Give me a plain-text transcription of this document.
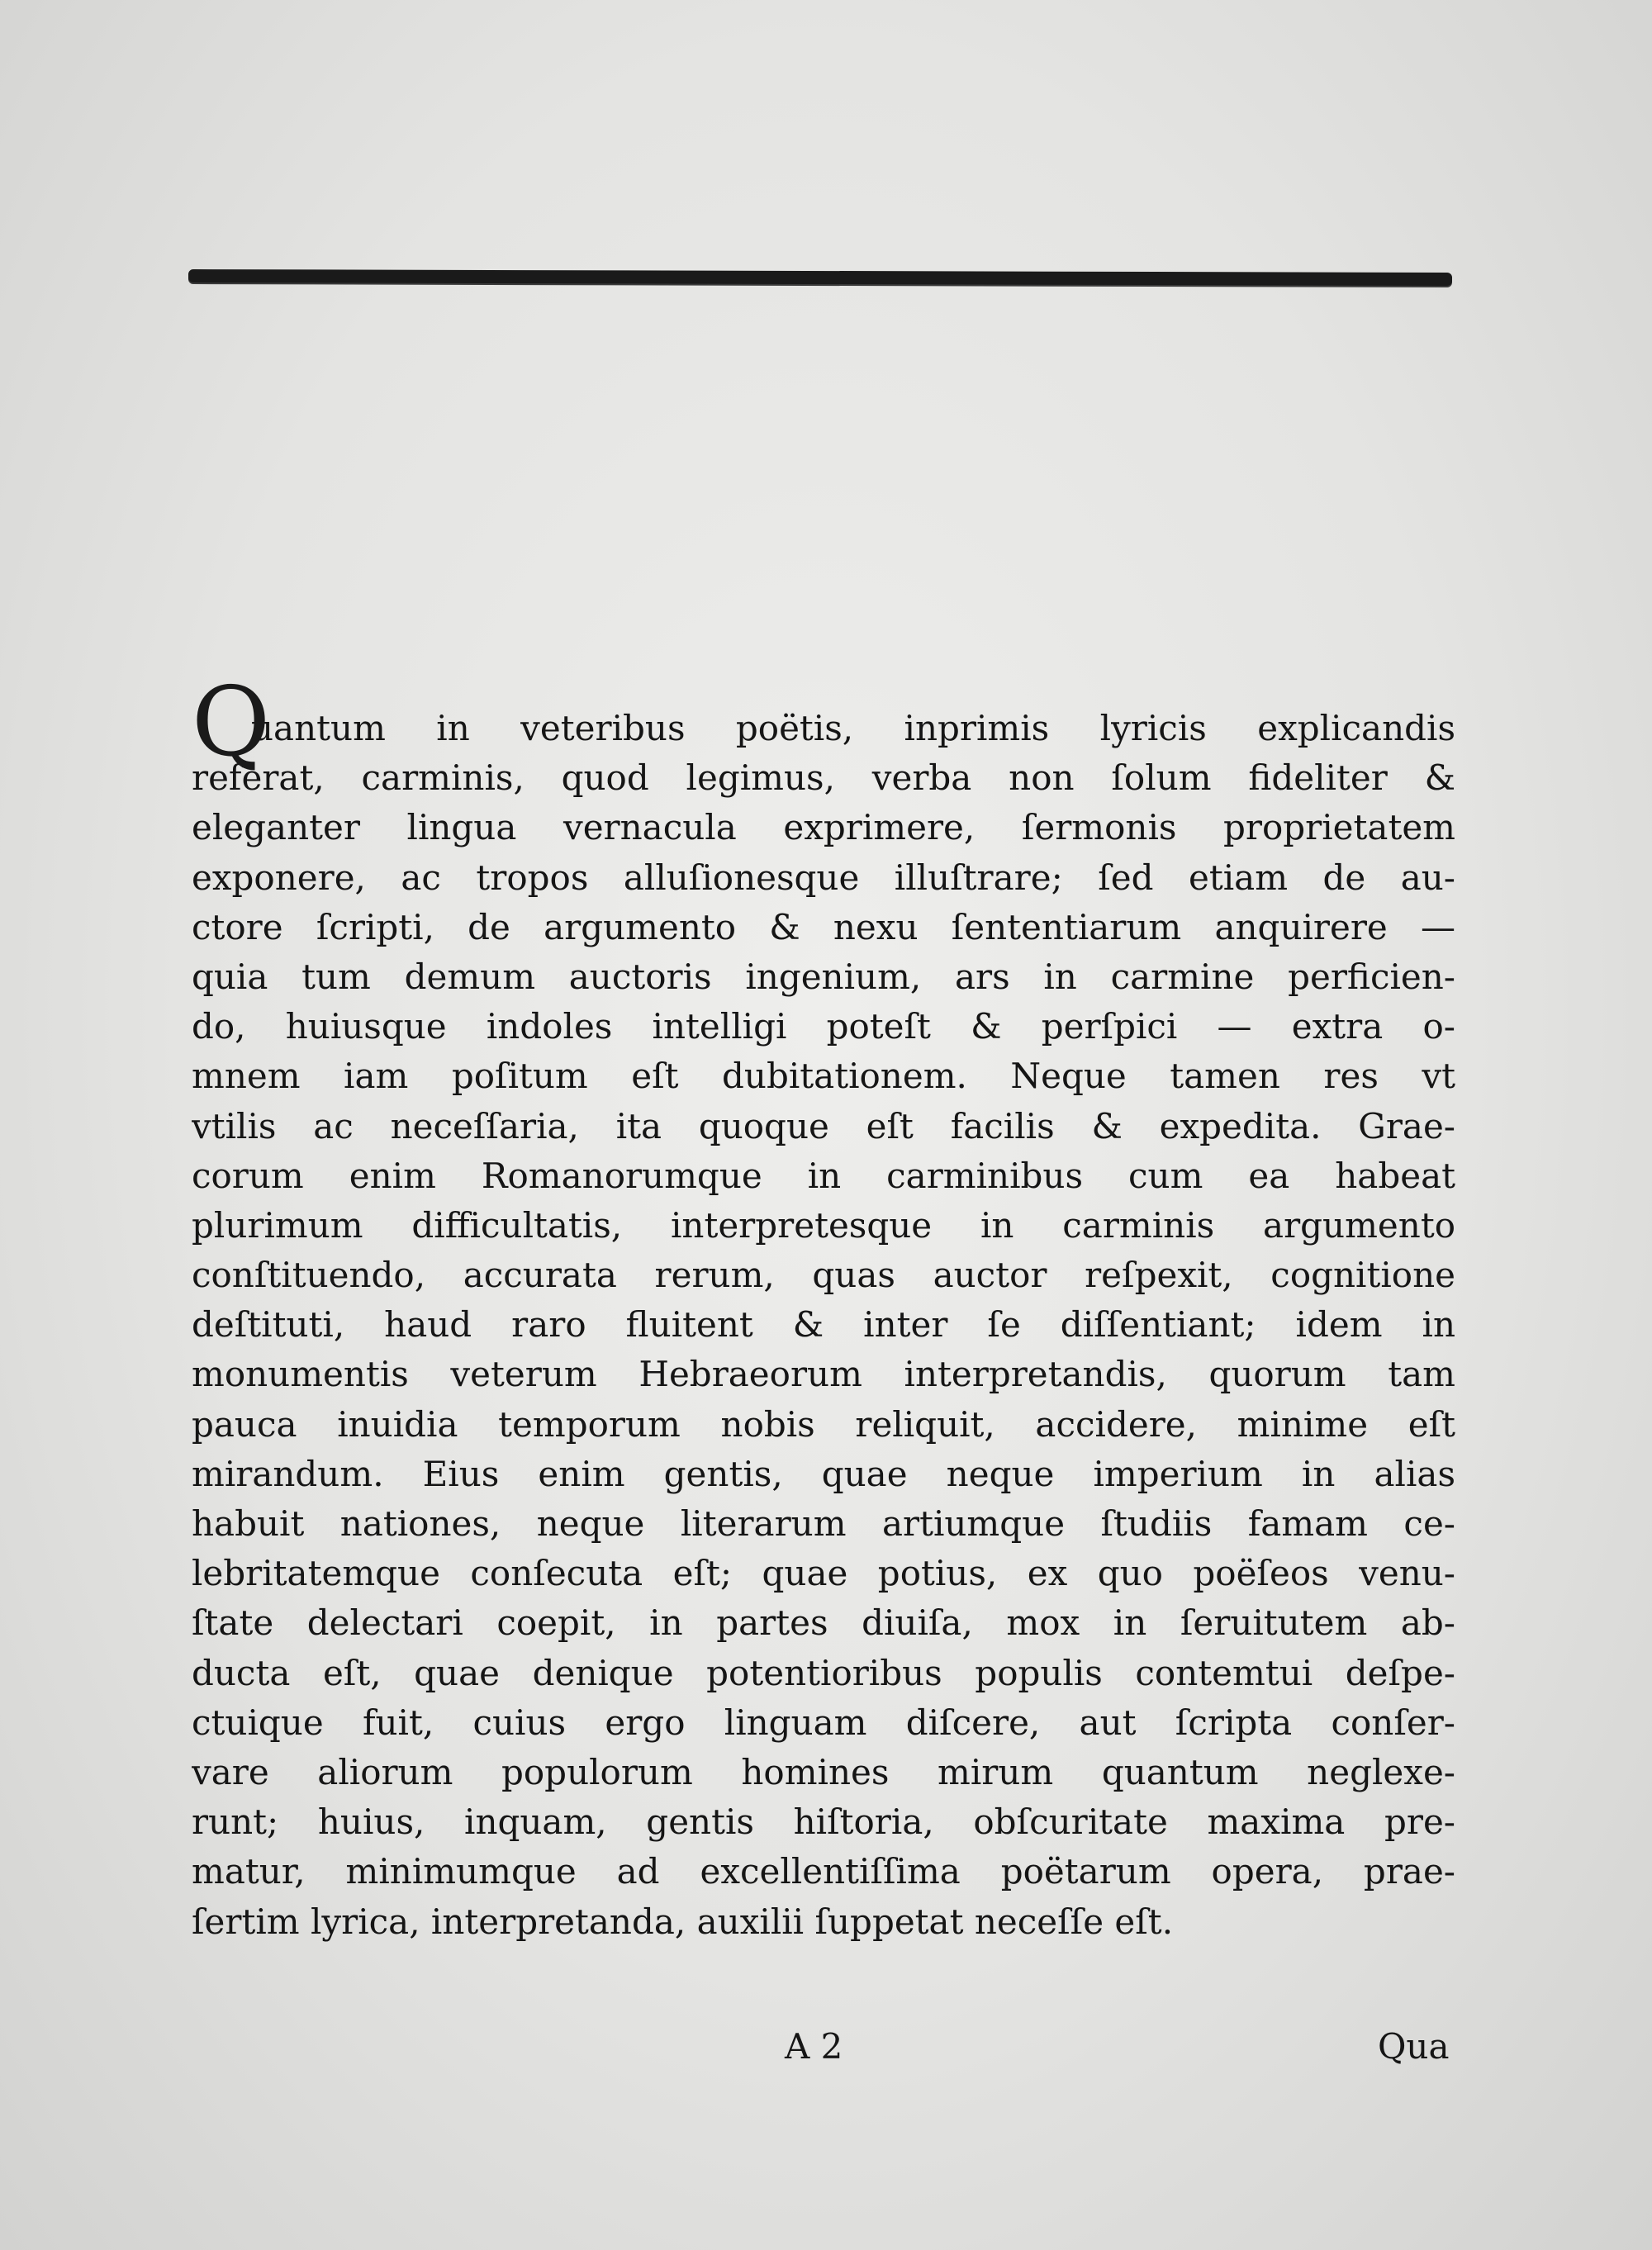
Q
uantum in veteribus poëtis, inprimis lyricis explicandis
referat, carminis, quod legimus, verba non ſolum fideliter &
eleganter lingua vernacula exprimere, ſermonis proprietatem
exponere, ac tropos alluſionesque illuſtrare; ſed etiam de au-
ctore ſcripti, de argumento & nexu ſententiarum anquirere —
quia tum demum auctoris ingenium, ars in carmine perficien-
do, huiusque indoles intelligi poteſt & perſpici — extra o-
mnem iam poſitum eſt dubitationem. Neque tamen res vt
vtilis ac neceſſaria, ita quoque eſt facilis & expedita. Grae-
corum enim Romanorumque in carminibus cum ea habeat
plurimum difficultatis, interpretesque in carminis argumento
conſtituendo, accurata rerum, quas auctor reſpexit, cognitione
deſtituti, haud raro fluitent & inter ſe diſſentiant; idem in
monumentis veterum Hebraeorum interpretandis, quorum tam
pauca inuidia temporum nobis reliquit, accidere, minime eſt
mirandum. Eius enim gentis, quae neque imperium in alias
habuit nationes, neque literarum artiumque ſtudiis famam ce-
lebritatemque conſecuta eſt; quae potius, ex quo poëſeos venu-
ſtate delectari coepit, in partes diuiſa, mox in ſeruitutem ab-
ducta eſt, quae denique potentioribus populis contemtui deſpe-
ctuique fuit, cuius ergo linguam diſcere, aut ſcripta conſer-
vare aliorum populorum homines mirum quantum neglexe-
runt; huius, inquam, gentis hiſtoria, obſcuritate maxima pre-
matur, minimumque ad excellentiſſima poëtarum opera, prae-
ſertim lyrica, interpretanda, auxilii ſuppetat neceſſe eſt.
A 2	Qua
